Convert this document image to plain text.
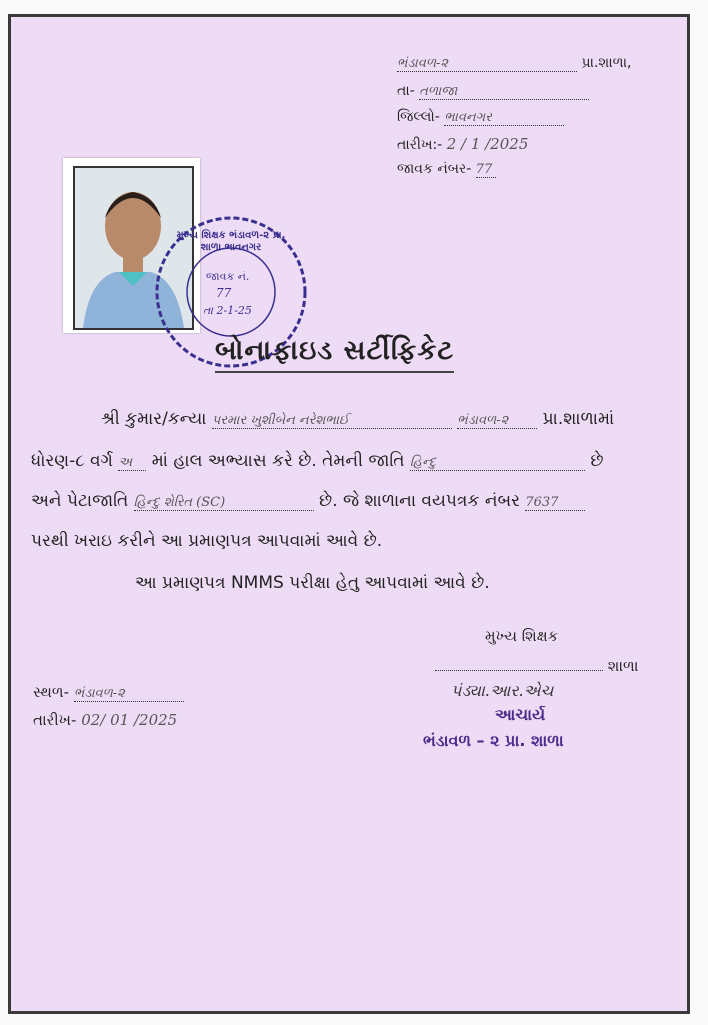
ભંડાવળ-૨	પ્રા.શાળા,
તા- તળાજા
જિલ્લો- ભાવનગર
તારીખ:- 2 / 1 /2025
જાવક નંબર- 77
મુખ્ય શિક્ષક ભંડાવળ-૨ પ્રા. શાળા ભાવનગર
જાવક નં.
77
તા 2-1-25
બોનાફાઇડ સર્ટીફિકેટ
શ્રી કુમાર/કન્યા પરમાર ખુશીબેન નરેશભાઈ	ભંડાવળ-૨ પ્રા.શાળામાં
ધોરણ-૮ વર્ગ અ માં હાલ અભ્યાસ કરે છે. તેમની જાતિ હિન્દુ	છે
અને પેટાજાતિ હિન્દુ શેરિત (SC)	છે. જે શાળાના વયપત્રક નંબર 7637
પરથી ખરાઇ કરીને આ પ્રમાણપત્ર આપવામાં આવે છે.
આ પ્રમાણપત્ર NMMS પરીક્ષા હેતુ આપવામાં આવે છે.
મુખ્ય શિક્ષક
શાળા
પંડ્યા.આર.એચ
આચાર્ય
ભંડાવળ – ૨ પ્રા. શાળા
સ્થળ- ભંડાવળ-૨
તારીખ- 02/ 01 /2025
